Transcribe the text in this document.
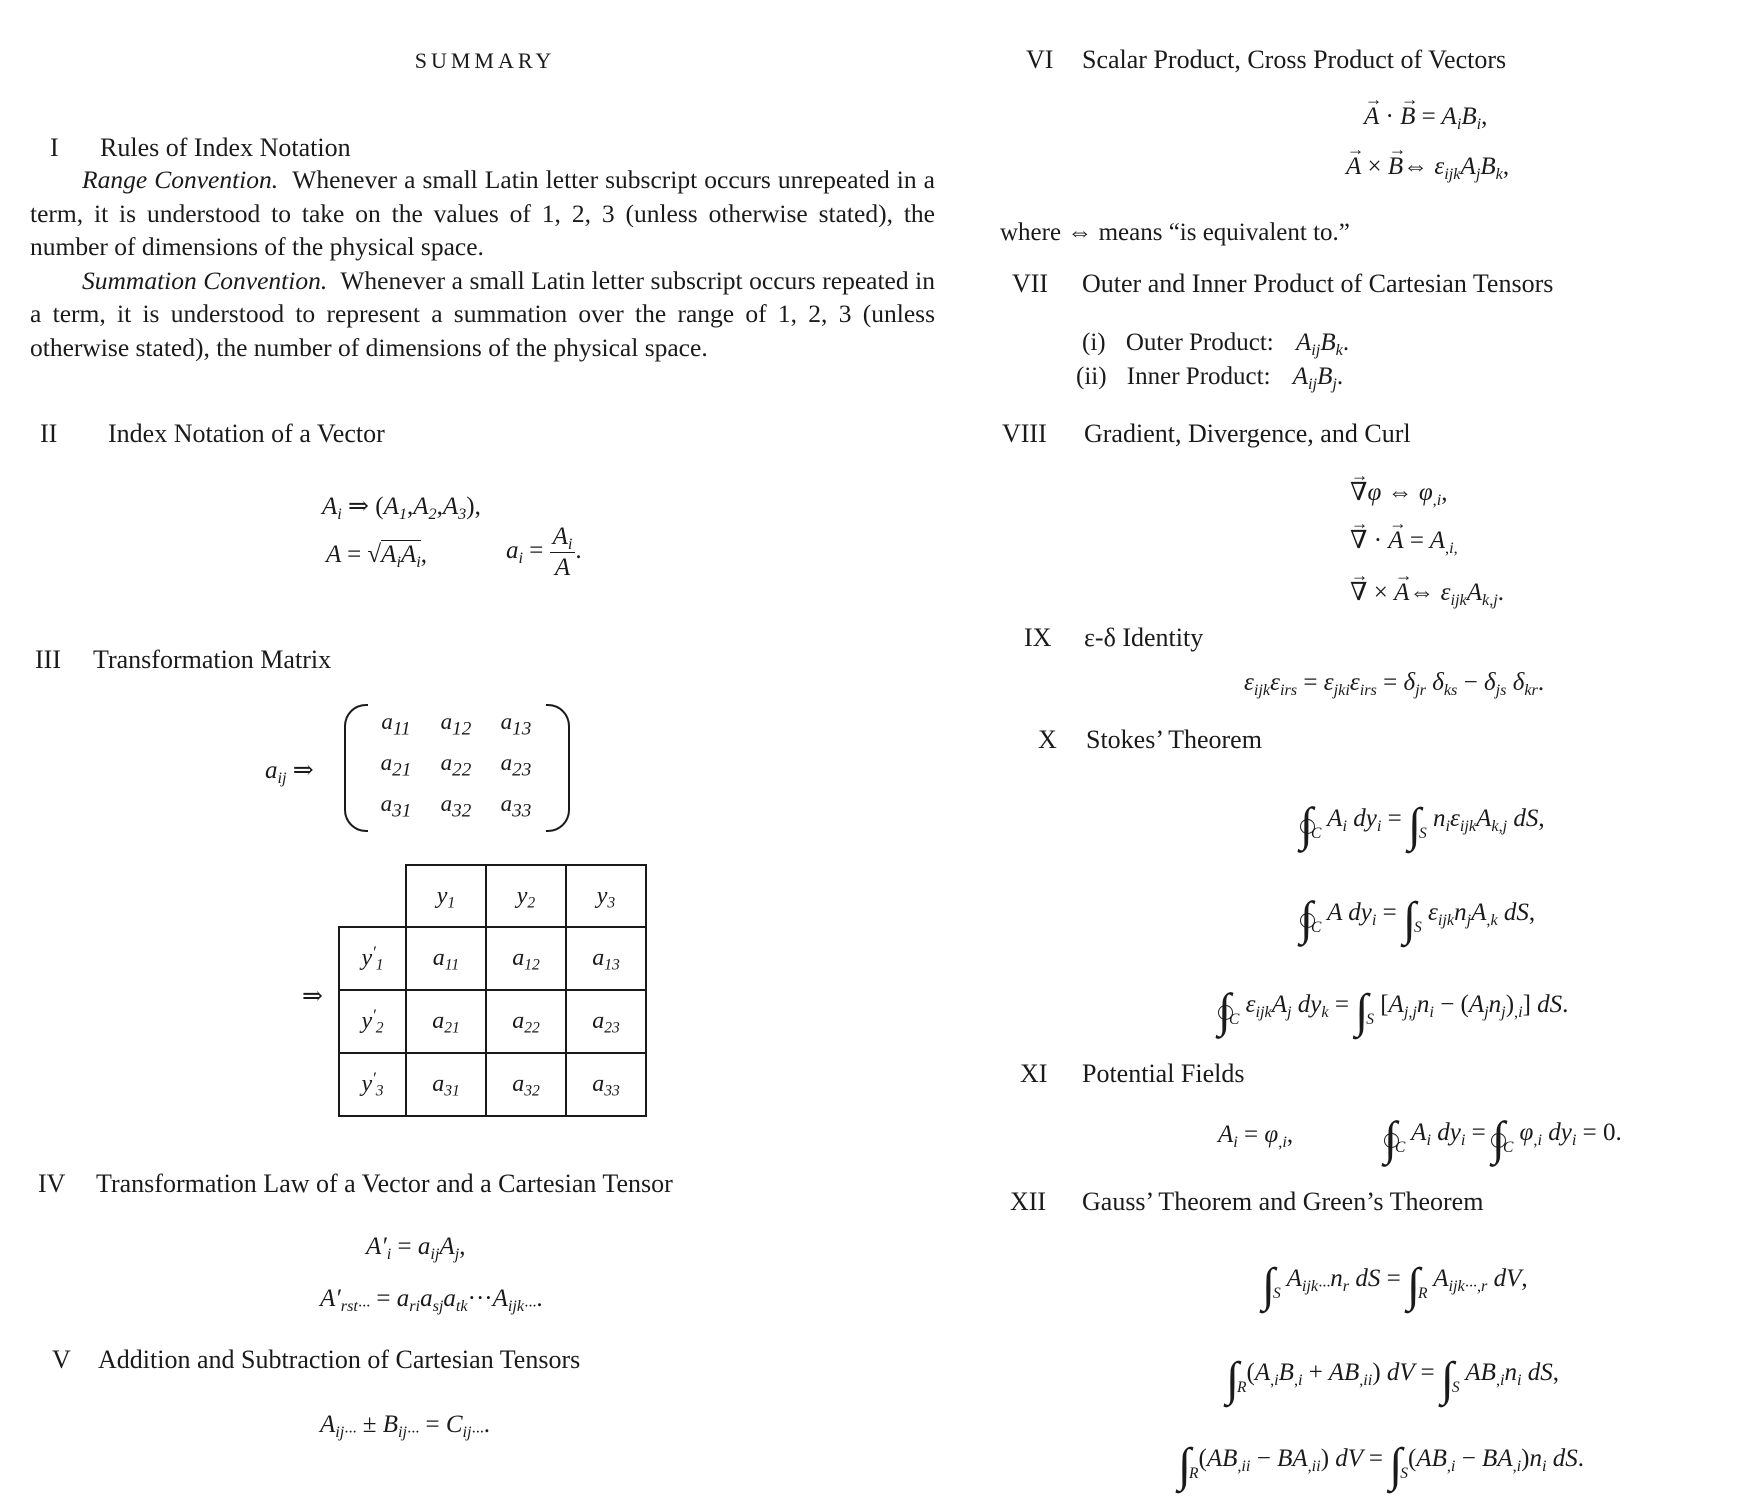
SUMMARY
I Rules of Index Notation

Range Convention. Whenever a small Latin letter subscript occurs unrepeated in a term, it is understood to take on the values of 1, 2, 3 (unless otherwise stated), the number of dimensions of the physical space.

Summation Convention. Whenever a small Latin letter subscript occurs repeated in a term, it is understood to represent a summation over the range of 1, 2, 3 (unless otherwise stated), the number of dimensions of the physical space.

II Index Notation of a Vector
$A_i$ ⇒ $(A_1,A_2,A_3)$,
$A = √A_iA_i$,	$a_i = \frac{A_i}{A}$ .
III Transformation Matrix
$a_{ij}$ ⇒
$a_{11}$	$a_{12}$	$a_{13}$
$a_{21}$	$a_{22}$	$a_{23}$
$a_{31}$	$a_{32}$	$a_{33}$
⇒
	$y_1$	$y_2$	$y_3$
$y'_1$	$a_{11}$	$a_{12}$	$a_{13}$
$y'_2$	$a_{21}$	$a_{22}$	$a_{23}$
$y'_3$	$a_{31}$	$a_{32}$	$a_{33}$
IV Transformation Law of a Vector and a Cartesian Tensor
$A'_i = a_{ij}A_j$,
$A'_{rst\cdot\cdot\cdot} = a_{ri}a_{sj}a_{tk}\cdot\cdot\cdot A_{ijk\cdot\cdot\cdot}$.
V Addition and Subtraction of Cartesian Tensors
$A_{ij\cdot\cdot\cdot} \pm B_{ij\cdot\cdot\cdot} = C_{ij\cdot\cdot\cdot}$.
VI Scalar Product, Cross Product of Vectors
→ A · → $B = A_iB_i$,
→ A × → B⇔ $\varepsilon_{ijk}A_jB_k$,
where ⇔ means “is equivalent to.”
VII Outer and Inner Product of Cartesian Tensors
(i) Outer Product: $A_{ij}B_k$.
(ii) Inner Product: $A_{ij}B_j$.
VIII Gradient, Divergence, and Curl
→ ∇φ ⇔ $\varphi_{,i}$,
→ ∇ · → $A = A_{,i,}$
→ ∇ × → A⇔ $\varepsilon_{ijk}A_{k,j}$.
IX ε-δ Identity
$\varepsilon_{ijk}\varepsilon_{irs} = \varepsilon_{jki}\varepsilon_{irs} = \delta_{jr}$ $\delta_{ks} - \delta_{js}$ $\delta_{kr}$.
X Stokes’ Theorem
$\int_C$ $A_i$ $dy_i = \int_S$ $n_i\varepsilon_{ijk}A_{k,j}$ dS,
$\int_C$ A $dy_i = \int_S$ $\varepsilon_{ijk}n_jA_{,k}$ dS,
$\int_C$ $\varepsilon_{ijk}A_j$ $dy_k = \int_S$ $[A_{j,j}n_i - (A_jn_j)_{,i}]$ dS.
XI Potential Fields
$A_i = \varphi_{,i}$, $\int_C$ $A_i$ $dy_i = \int_C$ $\varphi_{,i}$ $dy_i = 0$.
XII Gauss’ Theorem and Green’s Theorem
$\int_S$ $A_{ijk\cdot\cdot\cdot}n_r$ dS = $\int_R$ $A_{ijk\cdot\cdot\cdot,r}$ dV,
$\int_R(A_{,i}B_{,i} + AB_{,ii})$ dV = $\int_S$ $AB_{,i}n_i$ dS,
$\int_R(AB_{,ii} - BA_{,ii})$ dV = $\int_S(AB_{,i} - BA_{,i})n_i$ dS.
